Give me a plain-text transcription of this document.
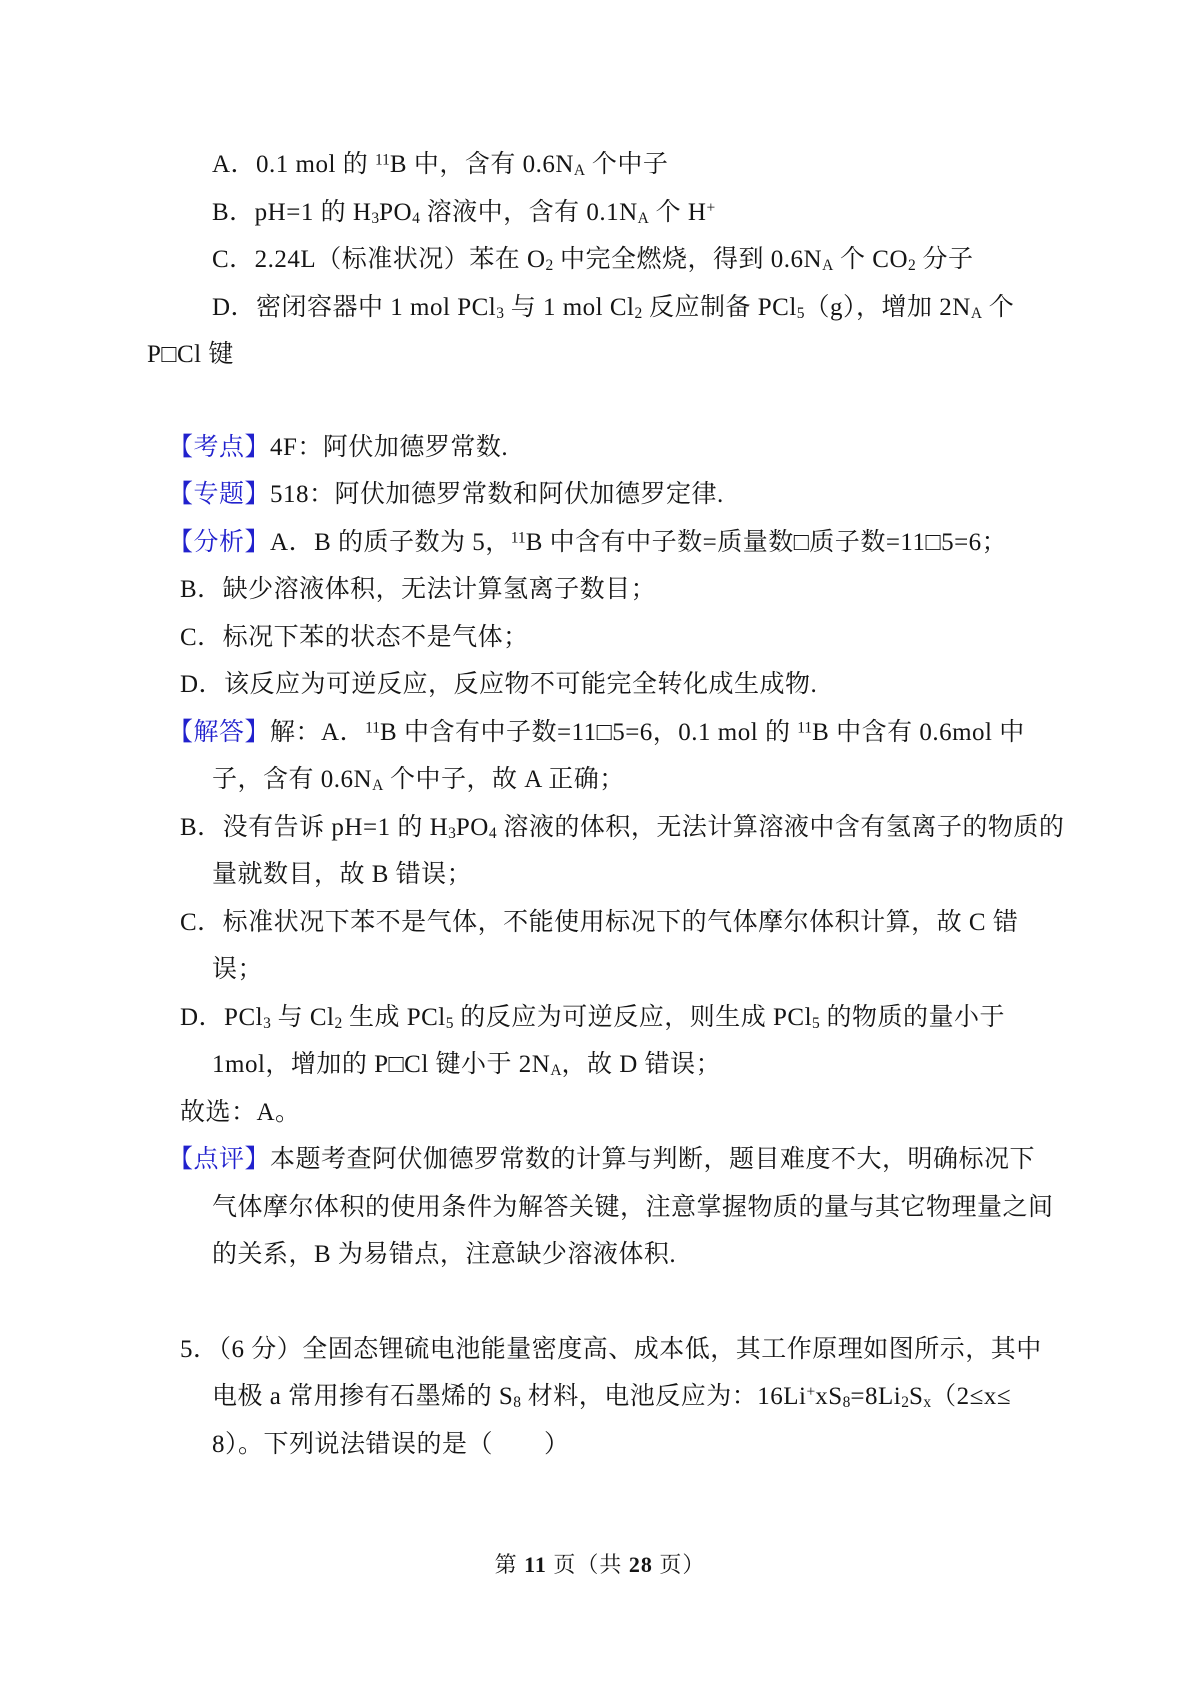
A．0.1 mol 的 $^{11}$B 中，含有 $0.6N_A$ 个中子
B．pH=1 的 $H_3PO_4$ 溶液中，含有 $0.1N_A$ 个 H+
C．2.24L（标准状况）苯在 $O_2$ 中完全燃烧，得到 $0.6N_A$ 个 $CO_2$ 分子
D．密闭容器中 1 mol PCl$_3$ 与 1 mol $Cl_2$ 反应制备 PCl$_5$（g），增加 $2N_A$ 个
P□Cl 键
【考点】4F：阿伏加德罗常数.
【专题】518：阿伏加德罗常数和阿伏加德罗定律.
【分析】A．B 的质子数为 5，$^{11}$B 中含有中子数=质量数□质子数=11□5=6；
B．缺少溶液体积，无法计算氢离子数目；
C．标况下苯的状态不是气体；
D．该反应为可逆反应，反应物不可能完全转化成生成物.
【解答】解：A．$^{11}$B 中含有中子数=11□5=6，0.1 mol 的 $^{11}$B 中含有 0.6mol 中
子，含有 $0.6N_A$ 个中子，故 A 正确；
B．没有告诉 pH=1 的 $H_3PO_4$ 溶液的体积，无法计算溶液中含有氢离子的物质的
量就数目，故 B 错误；
C．标准状况下苯不是气体，不能使用标况下的气体摩尔体积计算，故 C 错
误；
D．PCl$_3$ 与 $Cl_2$ 生成 PCl$_5$ 的反应为可逆反应，则生成 PCl$_5$ 的物质的量小于
1mol，增加的 P□Cl 键小于 $2N_A$，故 D 错误；
故选：A。
【点评】本题考查阿伏伽德罗常数的计算与判断，题目难度不大，明确标况下
气体摩尔体积的使用条件为解答关键，注意掌握物质的量与其它物理量之间
的关系，B 为易错点，注意缺少溶液体积.
5．（6 分）全固态锂硫电池能量密度高、成本低，其工作原理如图所示，其中
电极 a 常用掺有石墨烯的 $S_8$ 材料，电池反应为：$16Li^+xS_8=8Li_2S_x(2\le x\le$
8）。下列说法错误的是（　　）
第 11 页（共 28 页）
